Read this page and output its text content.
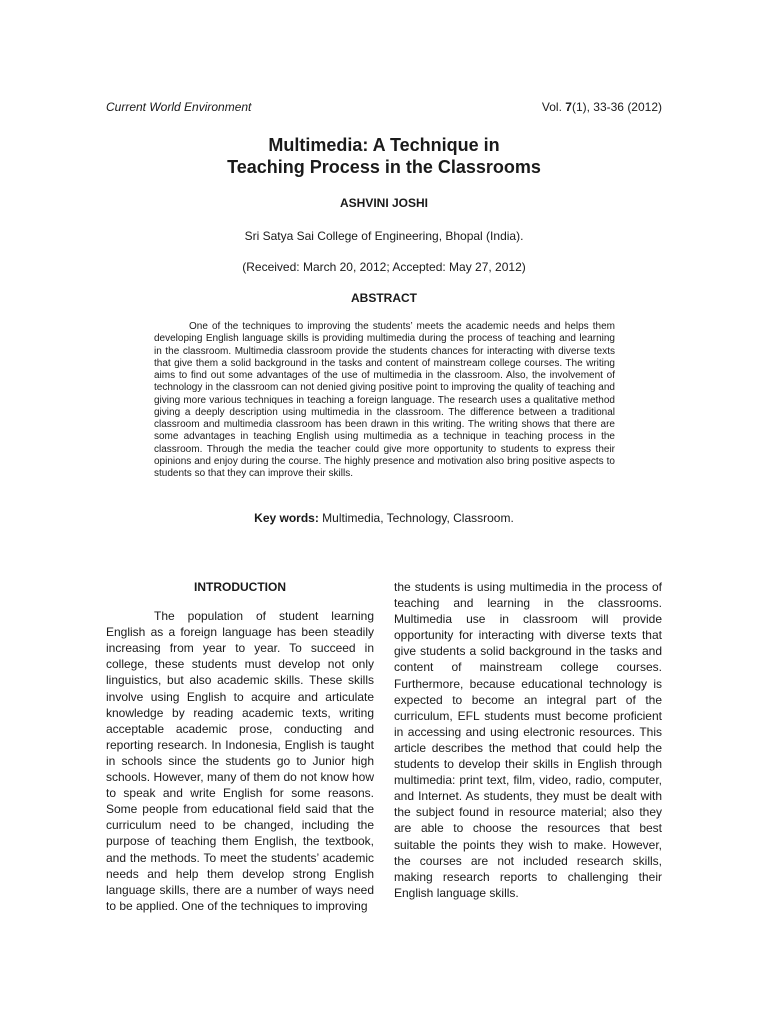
Current World Environment	Vol. 7(1), 33-36 (2012)
Multimedia: A Technique in
Teaching Process in the Classrooms
ASHVINI JOSHI
Sri Satya Sai College of Engineering, Bhopal (India).
(Received: March 20, 2012; Accepted: May 27, 2012)
ABSTRACT

One of the techniques to improving the students’ meets the academic needs and helps them developing English language skills is providing multimedia during the process of teaching and learning in the classroom. Multimedia classroom provide the students chances for interacting with diverse texts that give them a solid background in the tasks and content of mainstream college courses. The writing aims to find out some advantages of the use of multimedia in the classroom. Also, the involvement of technology in the classroom can not denied giving positive point to improving the quality of teaching and giving more various techniques in teaching a foreign language. The research uses a qualitative method giving a deeply description using multimedia in the classroom. The difference between a traditional classroom and multimedia classroom has been drawn in this writing. The writing shows that there are some advantages in teaching English using multimedia as a technique in teaching process in the classroom. Through the media the teacher could give more opportunity to students to express their opinions and enjoy during the course. The highly presence and motivation also bring positive aspects to students so that they can improve their skills.

Key words: Multimedia, Technology, Classroom.
INTRODUCTION

The population of student learning English as a foreign language has been steadily increasing from year to year. To succeed in college, these students must develop not only linguistics, but also academic skills. These skills involve using English to acquire and articulate knowledge by reading academic texts, writing acceptable academic prose, conducting and reporting research. In Indonesia, English is taught in schools since the students go to Junior high schools. However, many of them do not know how to speak and write English for some reasons. Some people from educational field said that the curriculum need to be changed, including the purpose of teaching them English, the textbook, and the methods. To meet the students’ academic needs and help them develop strong English language skills, there are a number of ways need to be applied. One of the techniques to improving

the students is using multimedia in the process of teaching and learning in the classrooms. Multimedia use in classroom will provide opportunity for interacting with diverse texts that give students a solid background in the tasks and content of mainstream college courses. Furthermore, because educational technology is expected to become an integral part of the curriculum, EFL students must become proficient in accessing and using electronic resources. This article describes the method that could help the students to develop their skills in English through multimedia: print text, film, video, radio, computer, and Internet. As students, they must be dealt with the subject found in resource material; also they are able to choose the resources that best suitable the points they wish to make. However, the courses are not included research skills, making research reports to challenging their English language skills.
